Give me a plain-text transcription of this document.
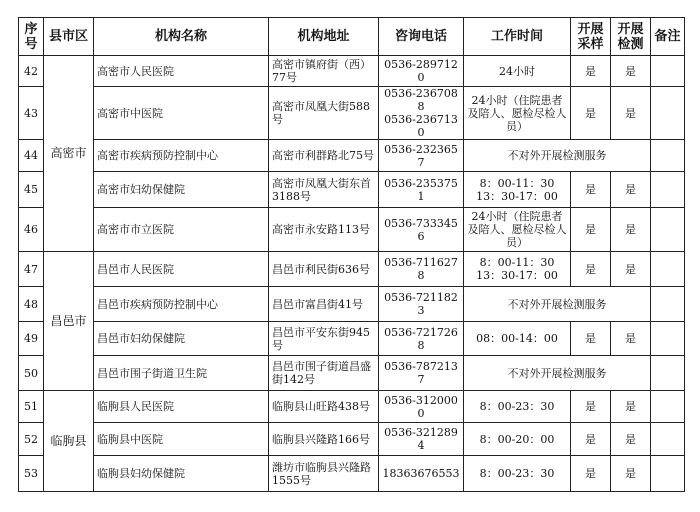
序号	县市区	机构名称	机构地址	咨询电话	工作时间	开展采样	开展检测	备注
42	高密市	高密市人民医院	高密市镇府街（西）77号	0536-2897120	24小时	是	是	
43		高密市中医院	高密市凤凰大街588号	0536-2367088
0536-2367130	24小时（住院患者及陪人、愿检尽检人员）	是	是	
44		高密市疾病预防控制中心	高密市利群路北75号	0536-2323657	不对外开展检测服务			
45		高密市妇幼保健院	高密市凤凰大街东首3188号	0536-2353751	8：00-11：30
13：30-17：00	是	是	
46		高密市市立医院	高密市永安路113号	0536-7333456	24小时（住院患者及陪人、愿检尽检人员）	是	是	
47	昌邑市	昌邑市人民医院	昌邑市利民街636号	0536-7116278	8：00-11：30
13：30-17：00	是	是	
48		昌邑市疾病预防控制中心	昌邑市富昌街41号	0536-7211823	不对外开展检测服务			
49		昌邑市妇幼保健院	昌邑市平安东街945号	0536-7217268	08：00-14：00	是	是	
50		昌邑市围子街道卫生院	昌邑市围子街道昌盛街142号	0536-7872137	不对外开展检测服务			
51	临朐县	临朐县人民医院	临朐县山旺路438号	0536-3120000	8：00-23：30	是	是	
52		临朐县中医院	临朐县兴隆路166号	0536-3212894	8：00-20：00	是	是	
53		临朐县妇幼保健院	潍坊市临朐县兴隆路1555号	18363676553	8：00-23：30	是	是	
